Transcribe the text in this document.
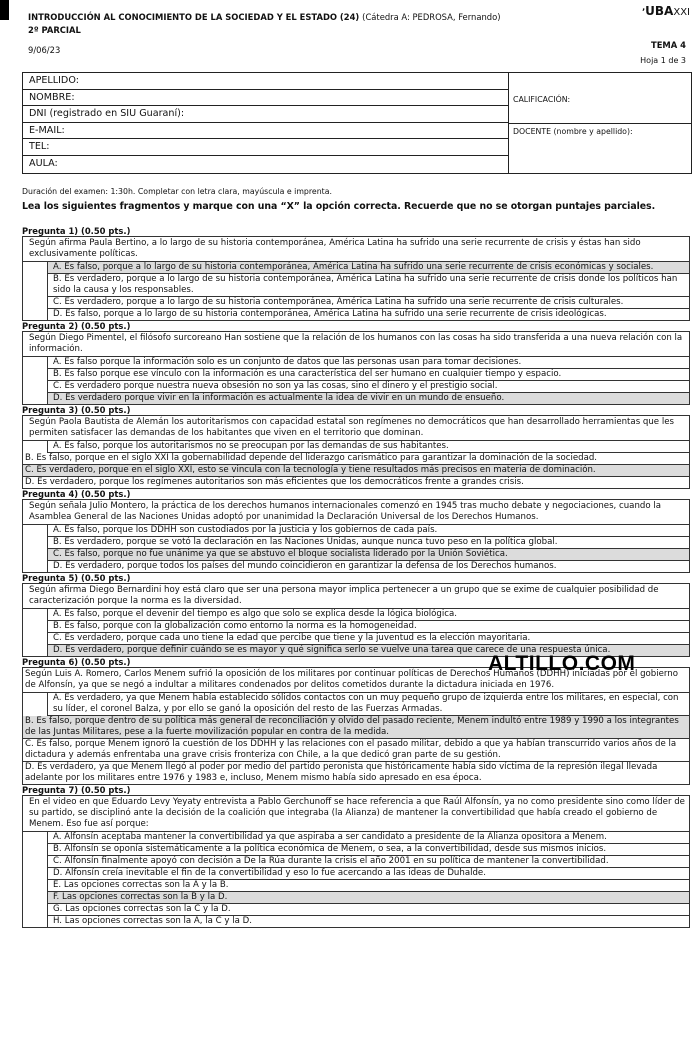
INTRODUCCIÓN AL CONOCIMIENTO DE LA SOCIEDAD Y EL ESTADO (24) (Cátedra A: PEDROSA, Fernando)
2º PARCIAL
9/06/23
,UBAXXI
TEMA 4
Hoja 1 de 3
APELLIDO:
NOMBRE:
DNI (registrado en SIU Guaraní):
E-MAIL:
TEL:
AULA:
CALIFICACIÓN:
DOCENTE (nombre y apellido):
Duración del examen: 1:30h. Completar con letra clara, mayúscula e imprenta.
Lea los siguientes fragmentos y marque con una “X” la opción correcta. Recuerde que no se otorgan puntajes parciales.
Pregunta 1) (0.50 pts.)
Según afirma Paula Bertino, a lo largo de su historia contemporánea, América Latina ha sufrido una serie recurrente de crisis y éstas han sido exclusivamente políticas.
A. Es falso, porque a lo largo de su historia contemporánea, América Latina ha sufrido una serie recurrente de crisis económicas y sociales.
B. Es verdadero, porque a lo largo de su historia contemporánea, América Latina ha sufrido una serie recurrente de crisis donde los políticos han sido la causa y los responsables.
C. Es verdadero, porque a lo largo de su historia contemporánea, América Latina ha sufrido una serie recurrente de crisis culturales.
D. Es falso, porque a lo largo de su historia contemporánea, América Latina ha sufrido una serie recurrente de crisis ideológicas.
Pregunta 2) (0.50 pts.)
Según Diego Pimentel, el filósofo surcoreano Han sostiene que la relación de los humanos con las cosas ha sido transferida a una nueva relación con la información.
A. Es falso porque la información solo es un conjunto de datos que las personas usan para tomar decisiones.
B. Es falso porque ese vínculo con la información es una característica del ser humano en cualquier tiempo y espacio.
C. Es verdadero porque nuestra nueva obsesión no son ya las cosas, sino el dinero y el prestigio social.
D. Es verdadero porque vivir en la información es actualmente la idea de vivir en un mundo de ensueño.
Pregunta 3) (0.50 pts.)
Según Paola Bautista de Alemán los autoritarismos con capacidad estatal son regímenes no democráticos que han desarrollado herramientas que les permiten satisfacer las demandas de los habitantes que viven en el territorio que dominan.
A. Es falso, porque los autoritarismos no se preocupan por las demandas de sus habitantes.
B. Es falso, porque en el siglo XXI la gobernabilidad depende del liderazgo carismático para garantizar la dominación de la sociedad.
C. Es verdadero, porque en el siglo XXI, esto se vincula con la tecnología y tiene resultados más precisos en materia de dominación.
D. Es verdadero, porque los regímenes autoritarios son más eficientes que los democráticos frente a grandes crisis.
Pregunta 4) (0.50 pts.)
Según señala Julio Montero, la práctica de los derechos humanos internacionales comenzó en 1945 tras mucho debate y negociaciones, cuando la Asamblea General de las Naciones Unidas adoptó por unanimidad la Declaración Universal de los Derechos Humanos.
A. Es falso, porque los DDHH son custodiados por la justicia y los gobiernos de cada país.
B. Es verdadero, porque se votó la declaración en las Naciones Unidas, aunque nunca tuvo peso en la política global.
C. Es falso, porque no fue unánime ya que se abstuvo el bloque socialista liderado por la Unión Soviética.
D. Es verdadero, porque todos los países del mundo coincidieron en garantizar la defensa de los Derechos humanos.
Pregunta 5) (0.50 pts.)
Según afirma Diego Bernardini hoy está claro que ser una persona mayor implica pertenecer a un grupo que se exime de cualquier posibilidad de caracterización porque la norma es la diversidad.
A. Es falso, porque el devenir del tiempo es algo que solo se explica desde la lógica biológica.
B. Es falso, porque con la globalización como entorno la norma es la homogeneidad.
C. Es verdadero, porque cada uno tiene la edad que percibe que tiene y la juventud es la elección mayoritaria.
D. Es verdadero, porque definir cuándo se es mayor y qué significa serlo se vuelve una tarea que carece de una respuesta única.
Pregunta 6) (0.50 pts.)
Según Luis A. Romero, Carlos Menem sufrió la oposición de los militares por continuar políticas de Derechos Humanos (DDHH) iniciadas por el gobierno de Alfonsín, ya que se negó a indultar a militares condenados por delitos cometidos durante la dictadura iniciada en 1976.
A. Es verdadero, ya que Menem había establecido sólidos contactos con un muy pequeño grupo de izquierda entre los militares, en especial, con su líder, el coronel Balza, y por ello se ganó la oposición del resto de las Fuerzas Armadas.
B. Es falso, porque dentro de su política más general de reconciliación y olvido del pasado reciente, Menem indultó entre 1989 y 1990 a los integrantes de las Juntas Militares, pese a la fuerte movilización popular en contra de la medida.
C. Es falso, porque Menem ignoró la cuestión de los DDHH y las relaciones con el pasado militar, debido a que ya habían transcurrido varios años de la dictadura y además enfrentaba una grave crisis fronteriza con Chile, a la que dedicó gran parte de su gestión.
D. Es verdadero, ya que Menem llegó al poder por medio del partido peronista que históricamente había sido víctima de la represión ilegal llevada adelante por los militares entre 1976 y 1983 e, incluso, Menem mismo había sido apresado en esa época.
Pregunta 7) (0.50 pts.)
En el video en que Eduardo Levy Yeyaty entrevista a Pablo Gerchunoff se hace referencia a que Raúl Alfonsín, ya no como presidente sino como líder de su partido, se disciplinó ante la decisión de la coalición que integraba (la Alianza) de mantener la convertibilidad que había creado el gobierno de Menem. Eso fue así porque:
A. Alfonsín aceptaba mantener la convertibilidad ya que aspiraba a ser candidato a presidente de la Alianza opositora a Menem.
B. Alfonsín se oponía sistemáticamente a la política económica de Menem, o sea, a la convertibilidad, desde sus mismos inicios.
C. Alfonsín finalmente apoyó con decisión a De la Rúa durante la crisis el año 2001 en su política de mantener la convertibilidad.
D. Alfonsín creía inevitable el fin de la convertibilidad y eso lo fue acercando a las ideas de Duhalde.
E. Las opciones correctas son la A y la B.
F. Las opciones correctas son la B y la D.
G. Las opciones correctas son la C y la D.
H. Las opciones correctas son la A, la C y la D.
ALTILLO.COM
